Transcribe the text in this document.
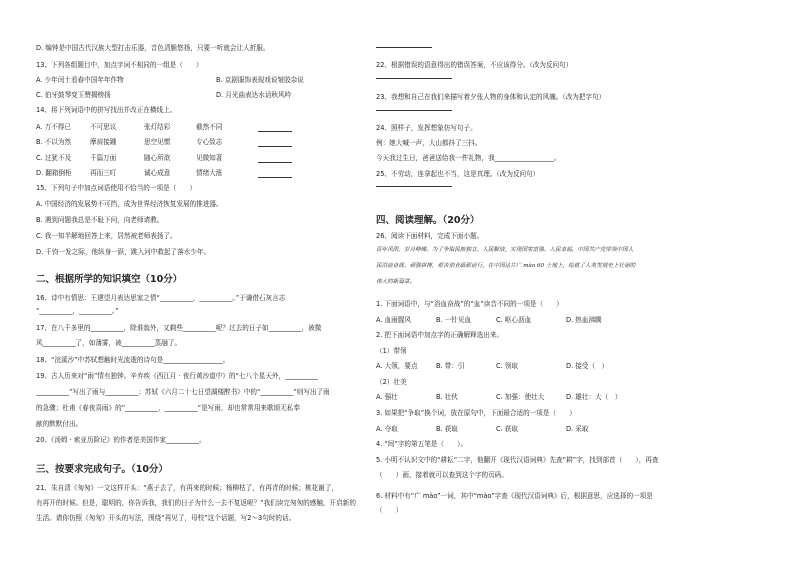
D. 编钟是中国古代汉族大型打击乐器，音色清脆悠扬，只要一听就会让人折服。
13、下列各组题目中，加点字词不相同的一组是（　　）
15、下列句子中加点词语使用不恰当的一项是（　　）
A. 中国经济的发展势不可挡，成为世界经济恢复发展的推进器。
B. 遇到问题我总是不耻下问，向老师请教。
C. 我一知半解地回答上来，居然被老师表扬了。
D. 千钧一发之际，他纵身一跃，跳入河中救起了落水少年。
16、诗中有情思：王建望月表达思家之情“__________，__________。”于谦借石灰言志
“__________，__________。”
17、在八千多里的__________，除谁翁外，又剩些__________呢？过去的日子如__________，被微
风__________了，如薄雾，被__________蒸融了。
18、“浣溪沙”中苏轼想触时光流逝的诗句是__________________。
19、古人历来对“雨”情有独钟。辛弃疾《西江月 · 夜行黄沙道中》的“七八个星天外，__________
__________”写出了雨与__________；苏轼《六月二十七日望湖楼醉书》中的“__________”则写出了雨
的急骤；杜甫《春夜喜雨》的“__________，__________”是写雨，却也常常用来歌颂无私奉
献的默默付出。
20、《汤姆 · 索亚历险记》的作者是美国作家__________。
21、朱自清《匆匆》一文这样开头：“燕子去了，有再来的时候；杨柳枯了，有再青的时候；桃花谢了，
有再开的时候。但是，聪明的，你告诉我，我们的日子为什么一去不复返呢？”我们读完匆匆的感触，开启新的
生活。请你仿照《匆匆》开头的写法，围绕“再见了，母校”这个话题，写2～3句时的话。
A. 少年闰土看春中国年年作物	B. 京剧服饰表现戏说皱胶杂说
C. 伯牙鼓琴变玉赞揭榜扬	D. 月光曲表达水话秋风吟
14、将下列词语中的拼写找出并改正在横线上。
A. 万不得已	不可思议	张灯结彩	截然不同
B. 不以为然	摩肩接踵	思空见惯	专心致志
C. 过犹不及	千篇万面	随心所欲	见微知著
D. 翻箱倒柜	再而三叮	诚心成意	情绪大涨
二、根据所学的知识填空（10分）
三、按要求完成句子。（10分）
22、根据错误的语意得出的错误答案，不应该得分。（改为反问句）
23、我想和自己在我们来描写着夕张人物的身体和认定的风魄。（改为把字句）
24、照样子，发挥想象仿写句子。
例：她大喊一声，大山都抖了三抖。
今天我过生日，爸爸送给我一件礼物，我__________________。
25、不劳动，连拿起也不当，这是真理。（改为反问句）
26、阅读下面材料，完成下面小题。
1. 下面词语中，与“浴血奋战”的“血”读音不同的一项是（　　）
2. 把下面词语中加点字的正确解释选出来。
（1）带领
（2）壮美
3. 如果把“争取”换个词，放在原句中，下面最合适的一项是（　　）
4. “间”字的第五笔是（　　）。
5. 小明不认识文中的“耕耘”二字，他翻开《现代汉语词典》先查“耕”字，找到部首（　　），再查
（　　）画，接着就可以查到这个字的页码。
6. 材料中有“广 mào”一词，其中“mào”字查《现代汉语词典》后，根据意思，应选择的一项是
（　　）
四、阅读理解。（20分）
百年风雨，岁月峥嵘。为了争取民族独立、人民解放，实现国家富强、人民幸福，中国共产党带领中国人
民浴血奋战、顽强拼搏，艰苦创业砥砺前行，在中国这片广 mào 60 土地上，绘就了人类发展史上壮丽的
伟大的新篇章。
A. 血雨腥风	B. 一针见血	C. 呕心沥血	D. 热血沸腾
A. 大领，要点	B. 带：引	C. 领取	D. 接受（　）
A. 强壮	B. 壮伙	C. 加强：使壮大	D. 雄壮：大（　）
A. 夺取	B. 获取	C. 获取	D. 采取
